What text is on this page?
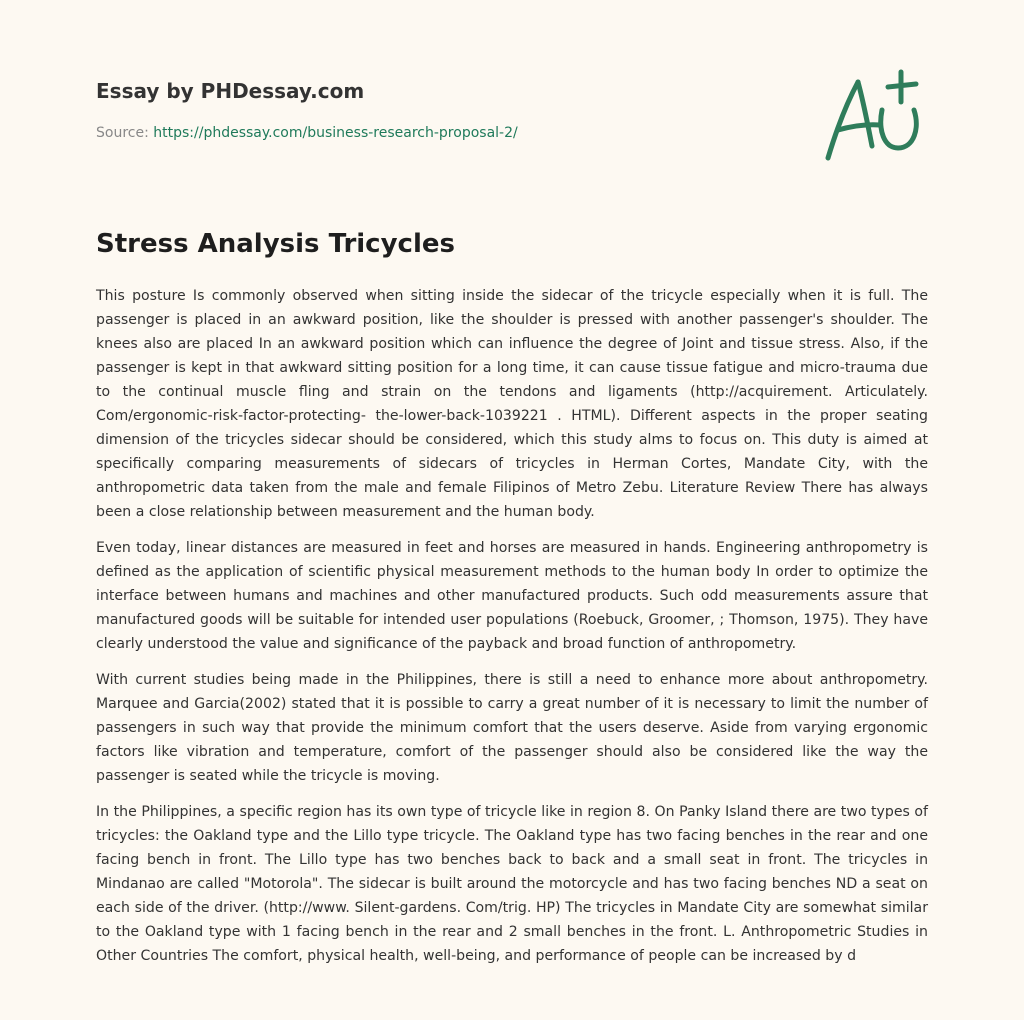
Essay by PHDessay.com
Source: https://phdessay.com/business-research-proposal-2/
Stress Analysis Tricycles

This posture Is commonly observed when sitting inside the sidecar of the tricycle especially when it is full. The passenger is placed in an awkward position, like the shoulder is pressed with another passenger's shoulder. The knees also are placed In an awkward position which can influence the degree of Joint and tissue stress. Also, if the passenger is kept in that awkward sitting position for a long time, it can cause tissue fatigue and micro-trauma due to the continual muscle fling and strain on the tendons and ligaments (http://acquirement. Articulately. Com/ergonomic-risk-factor-protecting- the-lower-back-1039221 . HTML). Different aspects in the proper seating dimension of the tricycles sidecar should be considered, which this study alms to focus on. This duty is aimed at specifically comparing measurements of sidecars of tricycles in Herman Cortes, Mandate City, with the anthropometric data taken from the male and female Filipinos of Metro Zebu. Literature Review There has always been a close relationship between measurement and the human body.

Even today, linear distances are measured in feet and horses are measured in hands. Engineering anthropometry is defined as the application of scientific physical measurement methods to the human body In order to optimize the interface between humans and machines and other manufactured products. Such odd measurements assure that manufactured goods will be suitable for intended user populations (Roebuck, Groomer, ; Thomson, 1975). They have clearly understood the value and significance of the payback and broad function of anthropometry.

With current studies being made in the Philippines, there is still a need to enhance more about anthropometry. Marquee and Garcia(2002) stated that it is possible to carry a great number of it is necessary to limit the number of passengers in such way that provide the minimum comfort that the users deserve. Aside from varying ergonomic factors like vibration and temperature, comfort of the passenger should also be considered like the way the passenger is seated while the tricycle is moving.

In the Philippines, a specific region has its own type of tricycle like in region 8. On Panky Island there are two types of tricycles: the Oakland type and the Lillo type tricycle. The Oakland type has two facing benches in the rear and one facing bench in front. The Lillo type has two benches back to back and a small seat in front. The tricycles in Mindanao are called "Motorola". The sidecar is built around the motorcycle and has two facing benches ND a seat on each side of the driver. (http://www. Silent-gardens. Com/trig. HP) The tricycles in Mandate City are somewhat similar to the Oakland type with 1 facing bench in the rear and 2 small benches in the front. L. Anthropometric Studies in Other Countries The comfort, physical health, well-being, and performance of people can be increased by d
